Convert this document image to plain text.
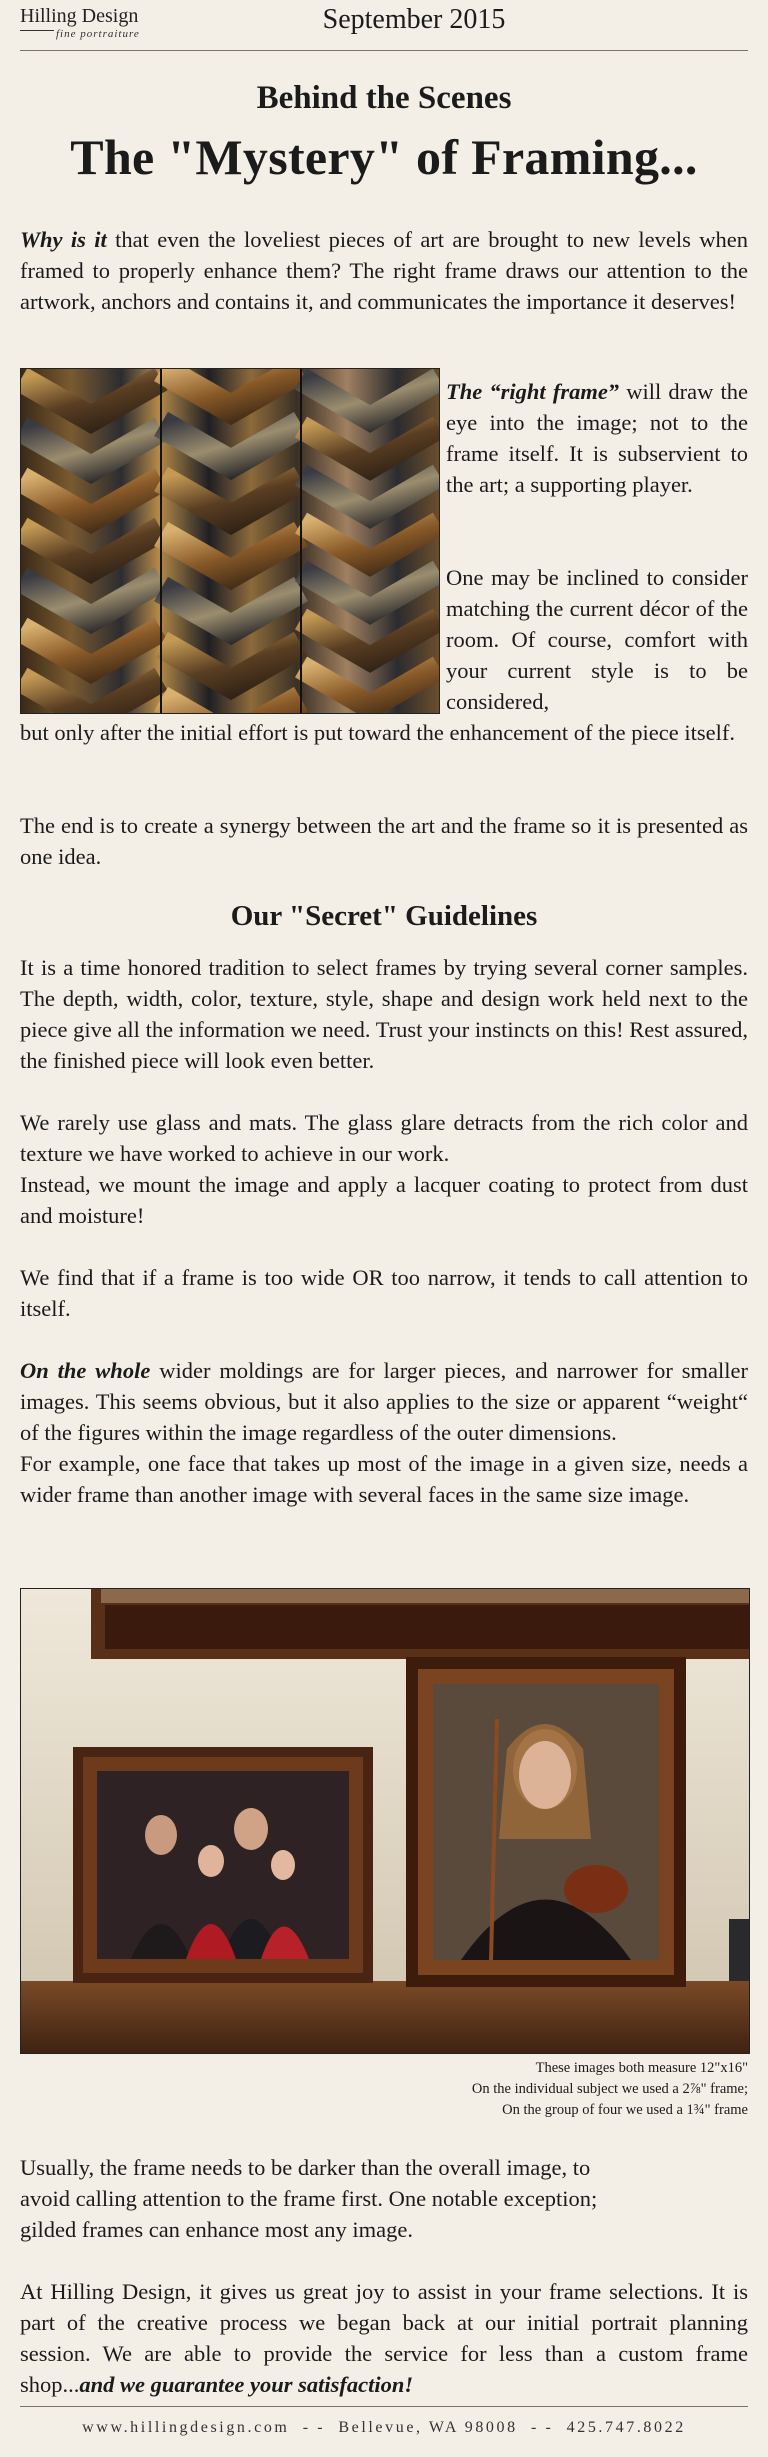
Hilling Design
fine portraiture	September 2015
Behind the Scenes
The "Mystery" of Framing...
Why is it that even the loveliest pieces of art are brought to new levels when framed to properly enhance them? The right frame draws our attention to the artwork, anchors and contains it, and communicates the importance it deserves!
The “right frame” will draw the eye into the image; not to the frame itself. It is subservient to the art; a supporting player.
One may be inclined to consider matching the current décor of the room. Of course, comfort with your current style is to be considered,
but only after the initial effort is put toward the enhancement of the piece itself.
The end is to create a synergy between the art and the frame so it is presented as one idea.
Our "Secret" Guidelines
It is a time honored tradition to select frames by trying several corner samples. The depth, width, color, texture, style, shape and design work held next to the piece give all the information we need. Trust your instincts on this! Rest assured, the finished piece will look even better.
We rarely use glass and mats. The glass glare detracts from the rich color and texture we have worked to achieve in our work.
Instead, we mount the image and apply a lacquer coating to protect from dust and moisture!
We find that if a frame is too wide OR too narrow, it tends to call attention to itself.
On the whole wider moldings are for larger pieces, and narrower for smaller images. This seems obvious, but it also applies to the size or apparent “weight“ of the figures within the image regardless of the outer dimensions.
For example, one face that takes up most of the image in a given size, needs a wider frame than another image with several faces in the same size image.
These images both measure 12"x16"
On the individual subject we used a 2⅞" frame;
On the group of four we used a 1¾" frame
Usually, the frame needs to be darker than the overall image, to avoid calling attention to the frame first. One notable exception; gilded frames can enhance most any image.
At Hilling Design, it gives us great joy to assist in your frame selections. It is part of the creative process we began back at our initial portrait planning session. We are able to provide the service for less than a custom frame shop...and we guarantee your satisfaction!
www.hillingdesign.com - - Bellevue, WA 98008 - - 425.747.8022
